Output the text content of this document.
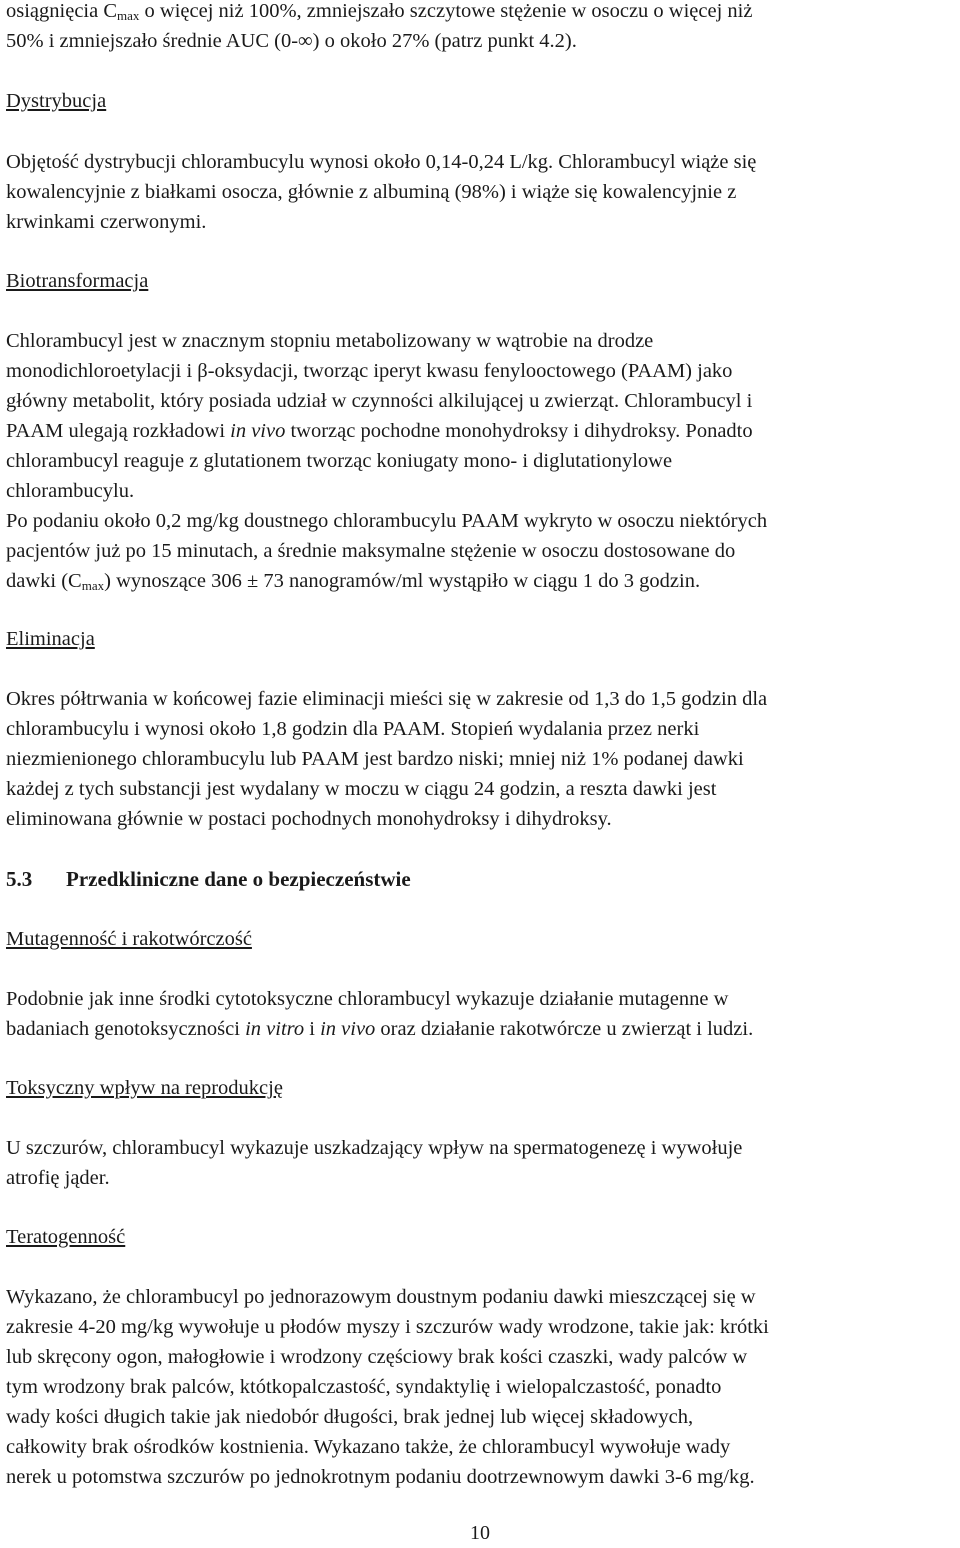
osiągnięcia $C_{max}$ o więcej niż 100%, zmniejszało szczytowe stężenie w osoczu o więcej niż

50% i zmniejszało średnie AUC (0-∞) o około 27% (patrz punkt 4.2).

Dystrybucja

Objętość dystrybucji chlorambucylu wynosi około 0,14-0,24 L/kg. Chlorambucyl wiąże się

kowalencyjnie z białkami osocza, głównie z albuminą (98%) i wiąże się kowalencyjnie z

krwinkami czerwonymi.

Biotransformacja

Chlorambucyl jest w znacznym stopniu metabolizowany w wątrobie na drodze

monodichloroetylacji i β-oksydacji, tworząc iperyt kwasu fenylooctowego (PAAM) jako

główny metabolit, który posiada udział w czynności alkilującej u zwierząt. Chlorambucyl i

PAAM ulegają rozkładowi in vivo tworząc pochodne monohydroksy i dihydroksy. Ponadto

chlorambucyl reaguje z glutationem tworząc koniugaty mono- i diglutationylowe

chlorambucylu.

Po podaniu około 0,2 mg/kg doustnego chlorambucylu PAAM wykryto w osoczu niektórych

pacjentów już po 15 minutach, a średnie maksymalne stężenie w osoczu dostosowane do

dawki $(C_{max})$ wynoszące 306 ± 73 nanogramów/ml wystąpiło w ciągu 1 do 3 godzin.

Eliminacja

Okres półtrwania w końcowej fazie eliminacji mieści się w zakresie od 1,3 do 1,5 godzin dla

chlorambucylu i wynosi około 1,8 godzin dla PAAM. Stopień wydalania przez nerki

niezmienionego chlorambucylu lub PAAM jest bardzo niski; mniej niż 1% podanej dawki

każdej z tych substancji jest wydalany w moczu w ciągu 24 godzin, a reszta dawki jest

eliminowana głównie w postaci pochodnych monohydroksy i dihydroksy.

5.3 Przedkliniczne dane o bezpieczeństwie
Mutagenność i rakotwórczość

Podobnie jak inne środki cytotoksyczne chlorambucyl wykazuje działanie mutagenne w

badaniach genotoksyczności in vitro i in vivo oraz działanie rakotwórcze u zwierząt i ludzi.

Toksyczny wpływ na reprodukcję

U szczurów, chlorambucyl wykazuje uszkadzający wpływ na spermatogenezę i wywołuje

atrofię jąder.

Teratogenność

Wykazano, że chlorambucyl po jednorazowym doustnym podaniu dawki mieszczącej się w

zakresie 4-20 mg/kg wywołuje u płodów myszy i szczurów wady wrodzone, takie jak: krótki

lub skręcony ogon, małogłowie i wrodzony częściowy brak kości czaszki, wady palców w

tym wrodzony brak palców, któtkopalczastość, syndaktylię i wielopalczastość, ponadto

wady kości długich takie jak niedobór długości, brak jednej lub więcej składowych,

całkowity brak ośrodków kostnienia. Wykazano także, że chlorambucyl wywołuje wady

nerek u potomstwa szczurów po jednokrotnym podaniu dootrzewnowym dawki 3-6 mg/kg.

10
